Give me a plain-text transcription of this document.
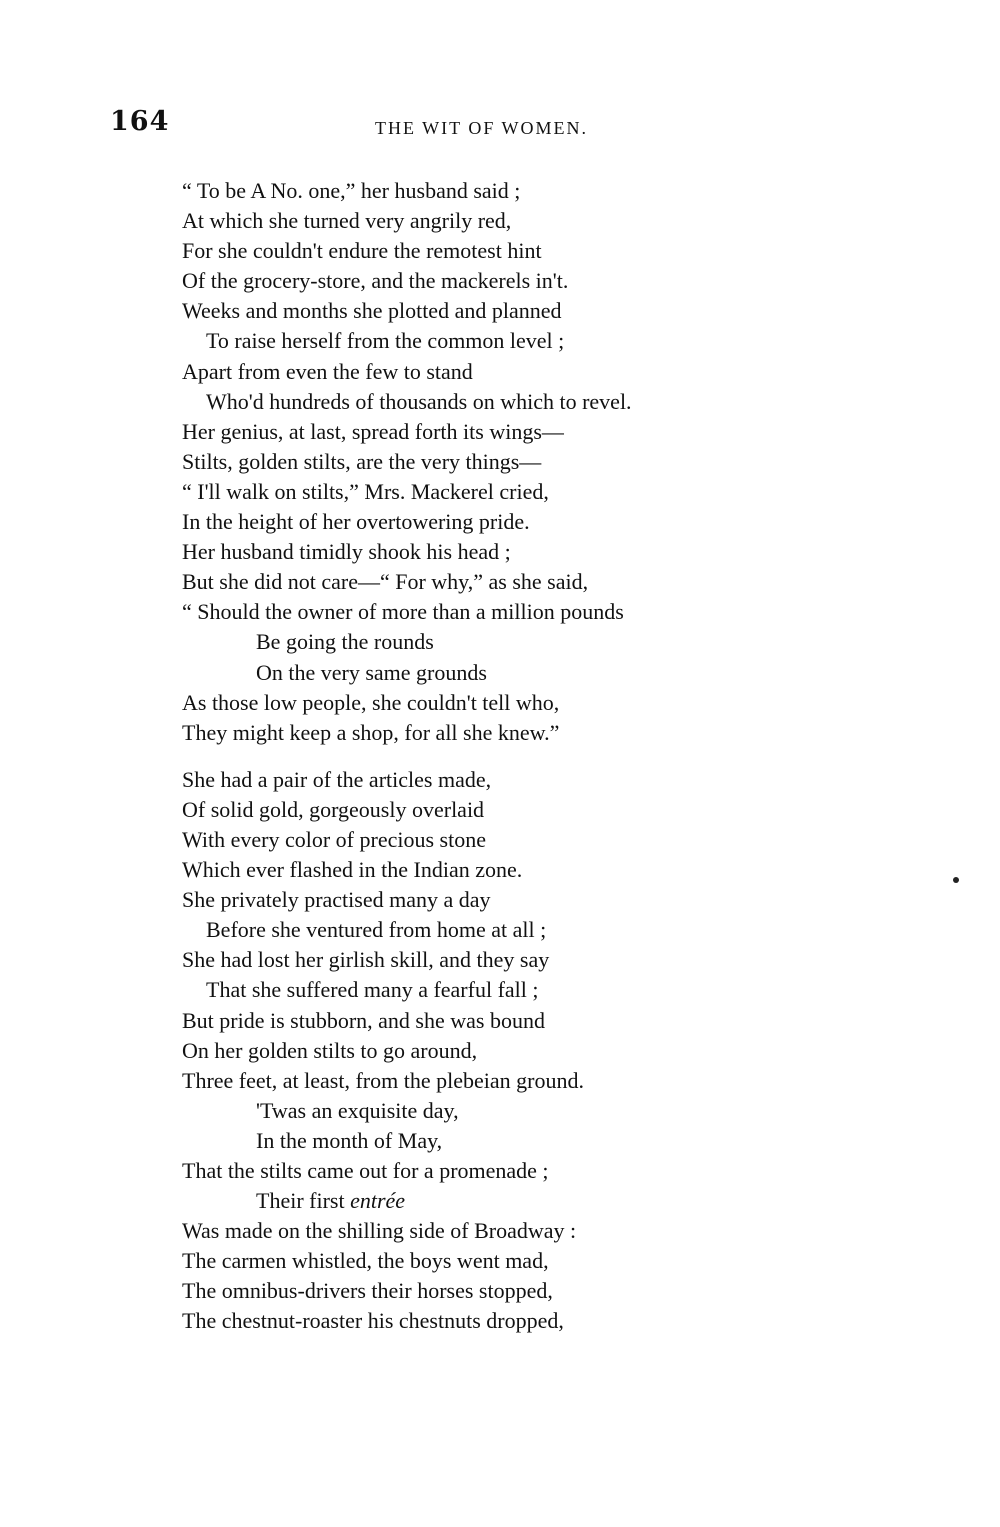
164	THE WIT OF WOMEN.
“ To be A No. one,” her husband said ;
At which she turned very angrily red,
For she couldn't endure the remotest hint
Of the grocery-store, and the mackerels in't.
Weeks and months she plotted and planned
To raise herself from the common level ;
Apart from even the few to stand
Who'd hundreds of thousands on which to revel.
Her genius, at last, spread forth its wings—
Stilts, golden stilts, are the very things—
“ I'll walk on stilts,” Mrs. Mackerel cried,
In the height of her overtowering pride.
Her husband timidly shook his head ;
But she did not care—“ For why,” as she said,
“ Should the owner of more than a million pounds
Be going the rounds
On the very same grounds
As those low people, she couldn't tell who,
They might keep a shop, for all she knew.”
She had a pair of the articles made,
Of solid gold, gorgeously overlaid
With every color of precious stone
Which ever flashed in the Indian zone.
She privately practised many a day
Before she ventured from home at all ;
She had lost her girlish skill, and they say
That she suffered many a fearful fall ;
But pride is stubborn, and she was bound
On her golden stilts to go around,
Three feet, at least, from the plebeian ground.
'Twas an exquisite day,
In the month of May,
That the stilts came out for a promenade ;
Their first entrée
Was made on the shilling side of Broadway :
The carmen whistled, the boys went mad,
The omnibus-drivers their horses stopped,
The chestnut-roaster his chestnuts dropped,
